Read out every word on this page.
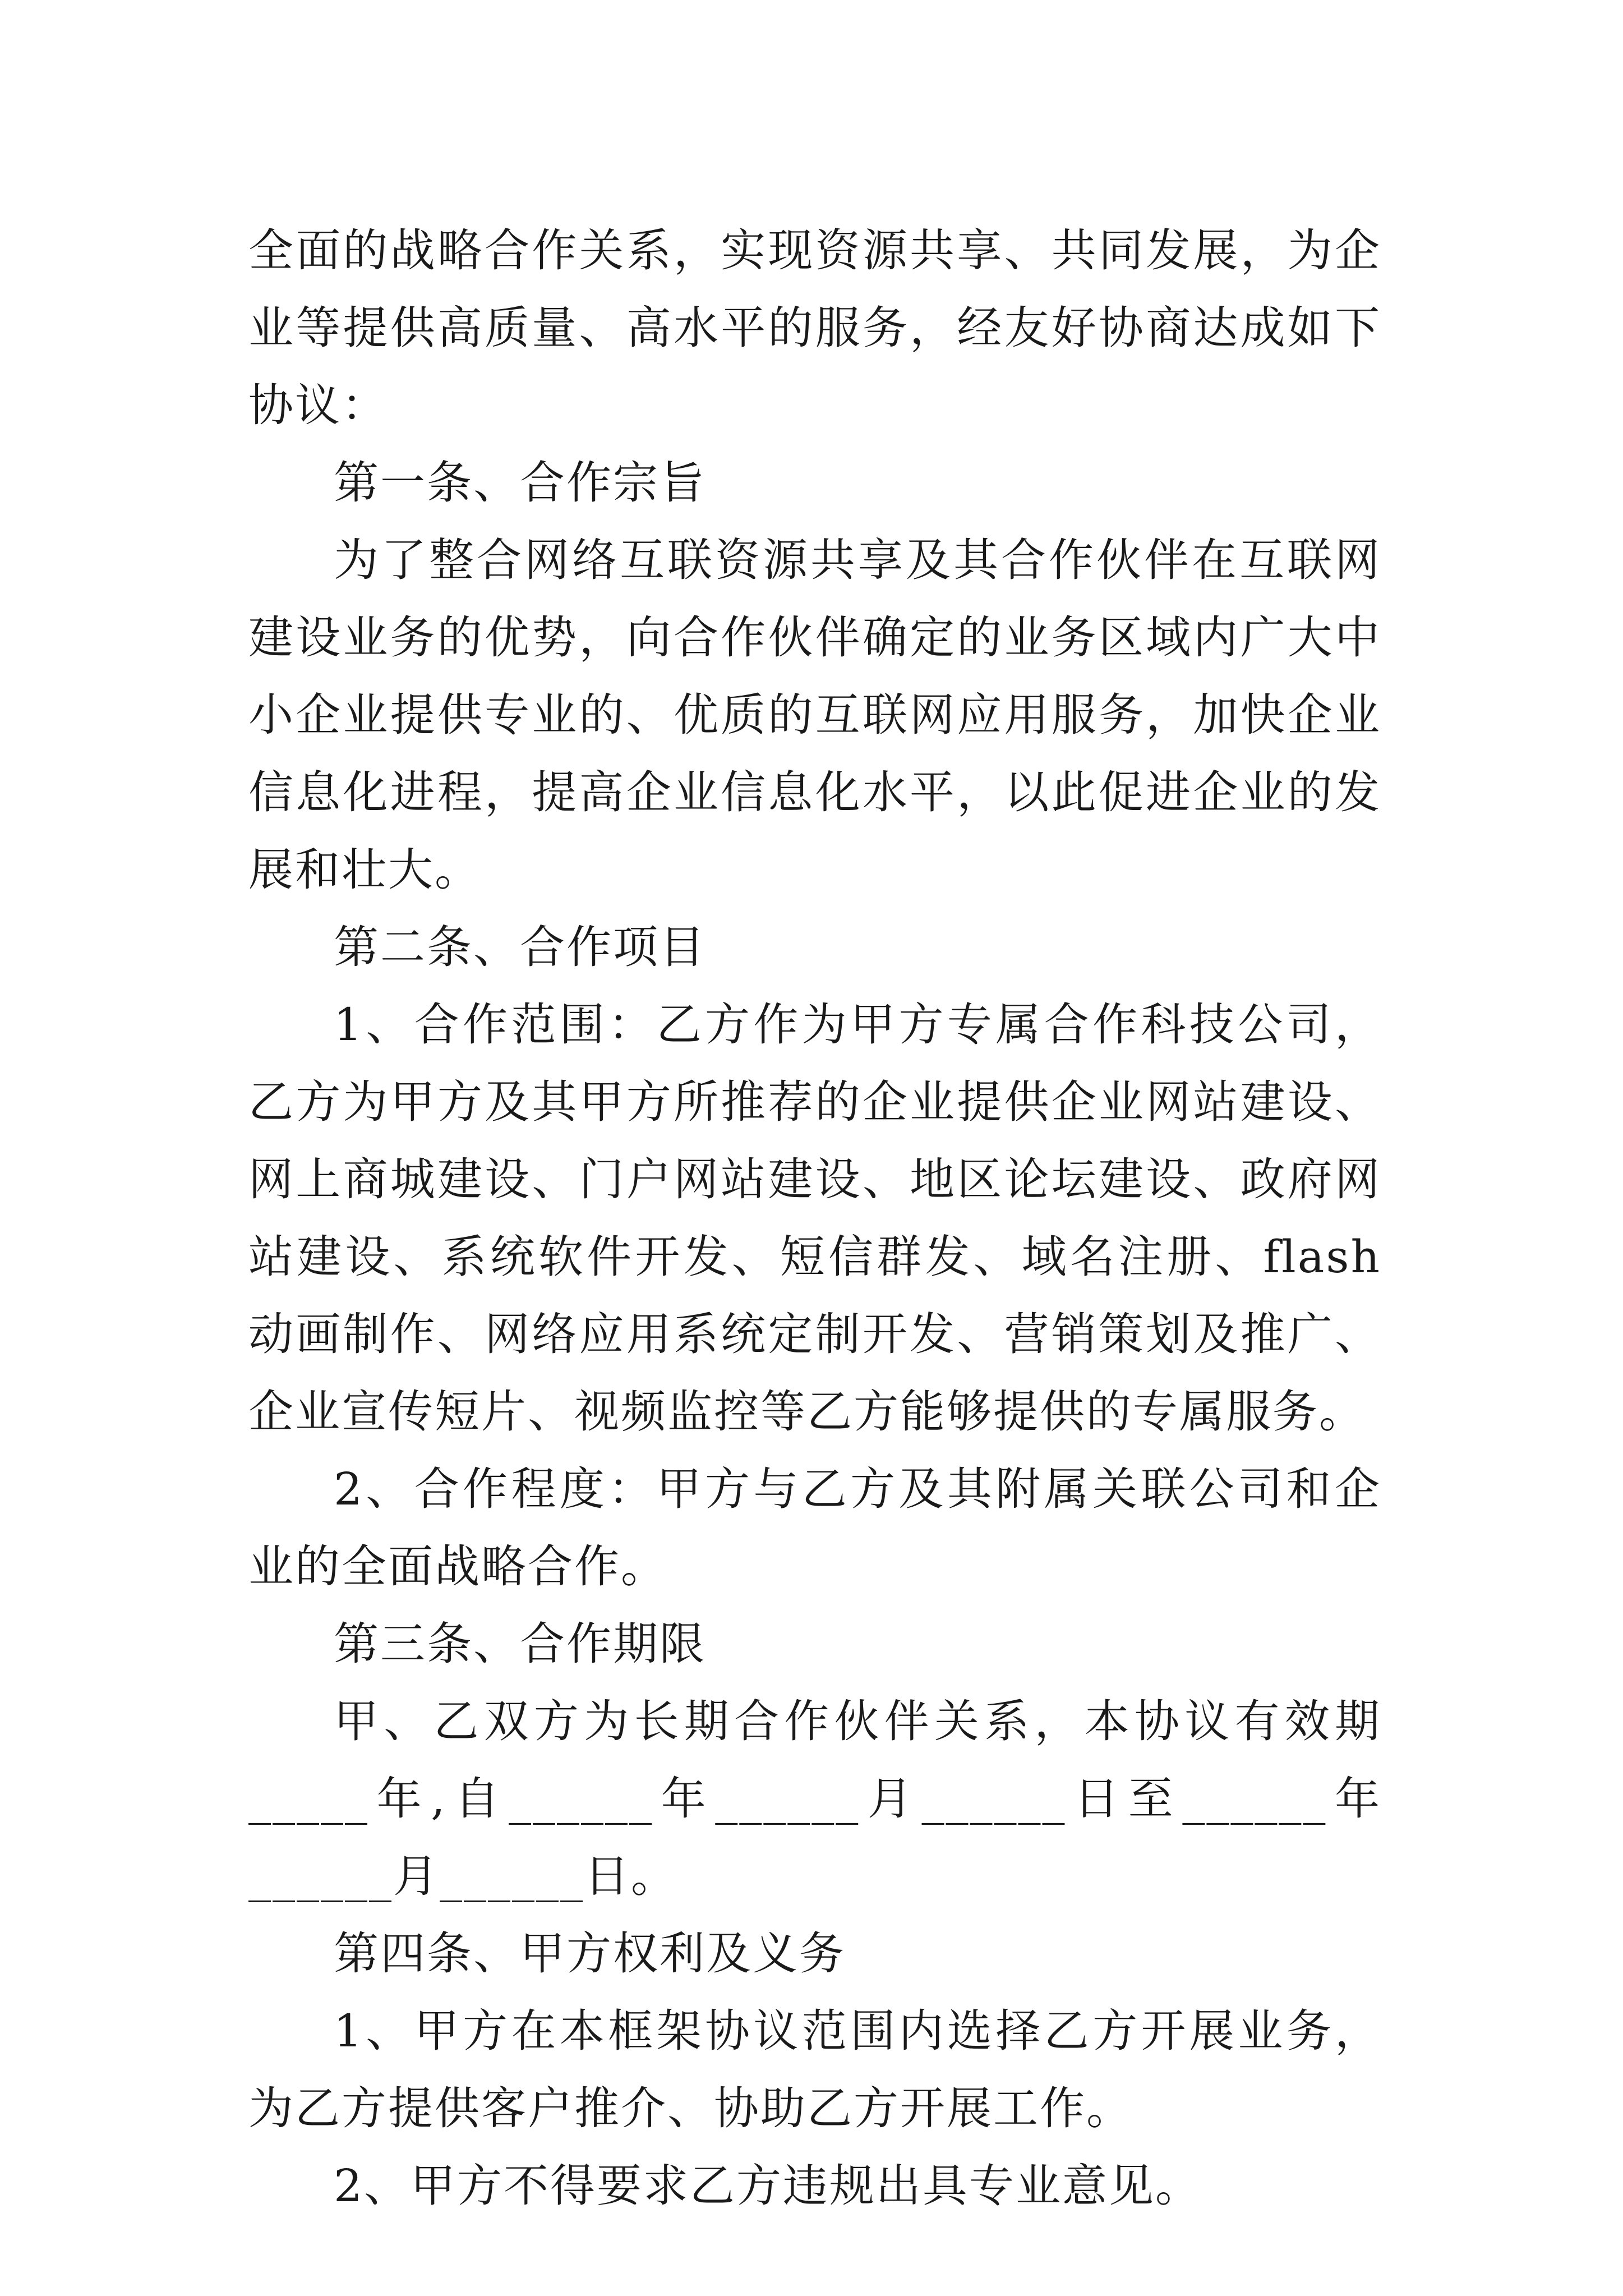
全面的战略合作关系，实现资源共享、共同发展，为企业等提供高质量、高水平的服务，经友好协商达成如下协议：

第一条、合作宗旨

为了整合网络互联资源共享及其合作伙伴在互联网建设业务的优势，向合作伙伴确定的业务区域内广大中小企业提供专业的、优质的互联网应用服务，加快企业信息化进程，提高企业信息化水平，以此促进企业的发展和壮大。

第二条、合作项目

1、合作范围：乙方作为甲方专属合作科技公司，乙方为甲方及其甲方所推荐的企业提供企业网站建设、网上商城建设、门户网站建设、地区论坛建设、政府网站建设、系统软件开发、短信群发、域名注册、flash动画制作、网络应用系统定制开发、营销策划及推广、企业宣传短片、视频监控等乙方能够提供的专属服务。

2、合作程度：甲方与乙方及其附属关联公司和企业的全面战略合作。

第三条、合作期限

甲、乙双方为长期合作伙伴关系，本协议有效期_____年,自______年______月______日至______年______月______日。

第四条、甲方权利及义务

1、甲方在本框架协议范围内选择乙方开展业务，为乙方提供客户推介、协助乙方开展工作。

2、甲方不得要求乙方违规出具专业意见。
